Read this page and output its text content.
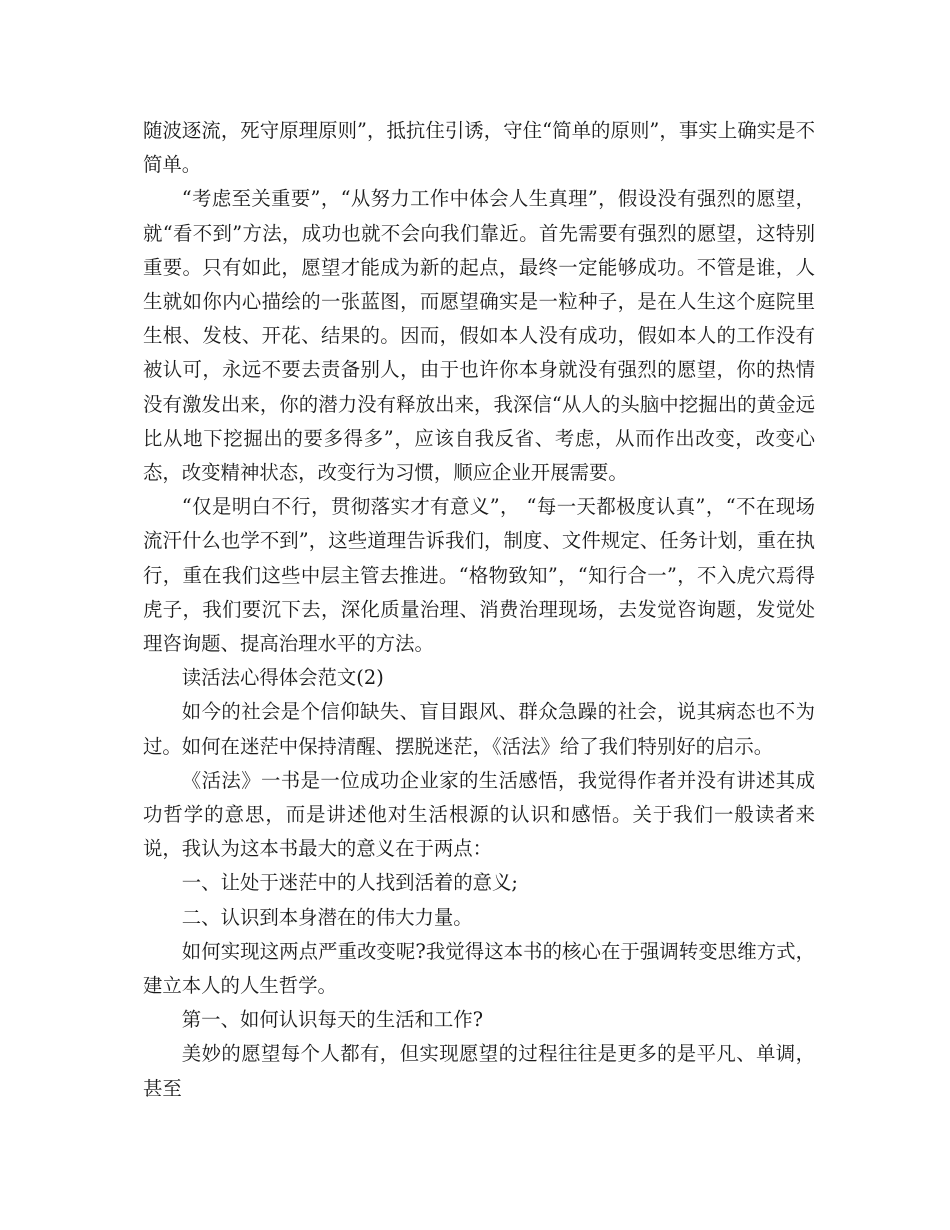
随波逐流，死守原理原则”，抵抗住引诱，守住“简单的原则”，事实上确实是不简单。

“考虑至关重要”，“从努力工作中体会人生真理”，假设没有强烈的愿望，就“看不到”方法，成功也就不会向我们靠近。首先需要有强烈的愿望，这特别重要。只有如此，愿望才能成为新的起点，最终一定能够成功。不管是谁，人生就如你内心描绘的一张蓝图，而愿望确实是一粒种子，是在人生这个庭院里生根、发枝、开花、结果的。因而，假如本人没有成功，假如本人的工作没有被认可，永远不要去责备别人，由于也许你本身就没有强烈的愿望，你的热情没有激发出来，你的潜力没有释放出来，我深信“从人的头脑中挖掘出的黄金远比从地下挖掘出的要多得多”，应该自我反省、考虑，从而作出改变，改变心态，改变精神状态，改变行为习惯，顺应企业开展需要。

“仅是明白不行，贯彻落实才有意义”， “每一天都极度认真”，“不在现场流汗什么也学不到”，这些道理告诉我们，制度、文件规定、任务计划，重在执行，重在我们这些中层主管去推进。“格物致知”，“知行合一”，不入虎穴焉得虎子，我们要沉下去，深化质量治理、消费治理现场，去发觉咨询题，发觉处理咨询题、提高治理水平的方法。

读活法心得体会范文(2)

如今的社会是个信仰缺失、盲目跟风、群众急躁的社会，说其病态也不为过。如何在迷茫中保持清醒、摆脱迷茫，《活法》给了我们特别好的启示。

《活法》一书是一位成功企业家的生活感悟，我觉得作者并没有讲述其成功哲学的意思，而是讲述他对生活根源的认识和感悟。关于我们一般读者来说，我认为这本书最大的意义在于两点：

一、让处于迷茫中的人找到活着的意义;

二、认识到本身潜在的伟大力量。

如何实现这两点严重改变呢?我觉得这本书的核心在于强调转变思维方式，建立本人的人生哲学。

第一、如何认识每天的生活和工作?

美妙的愿望每个人都有，但实现愿望的过程往往是更多的是平凡、单调，甚至
